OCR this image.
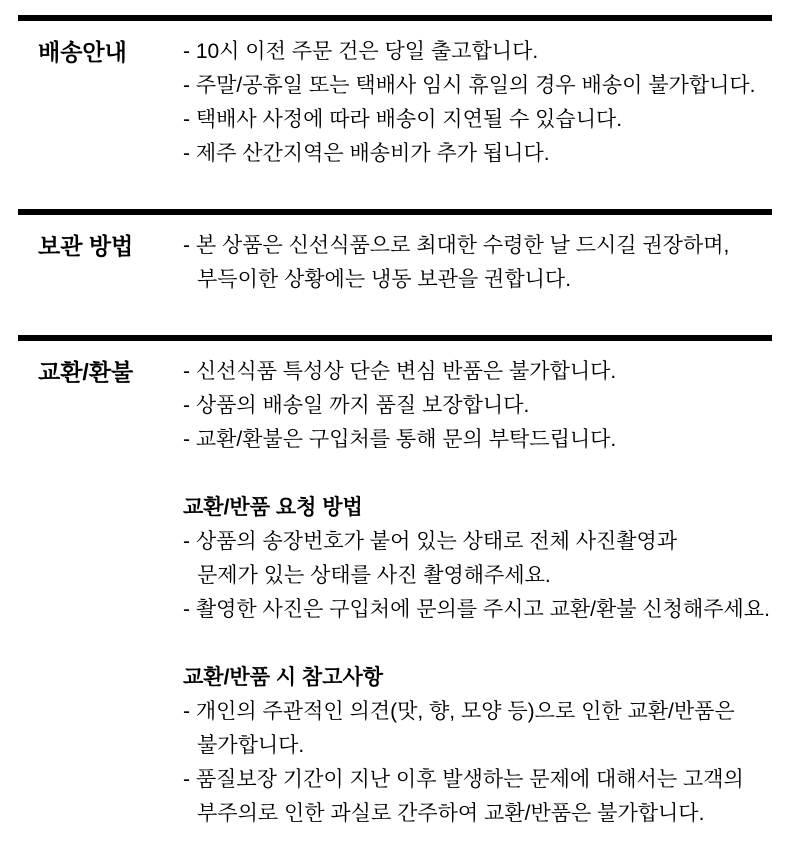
배송안내	- 10시 이전 주문 건은 당일 출고합니다.

- 주말/공휴일 또는 택배사 임시 휴일의 경우 배송이 불가합니다.

- 택배사 사정에 따라 배송이 지연될 수 있습니다.

- 제주 산간지역은 배송비가 추가 됩니다.

보관 방법	- 본 상품은 신선식품으로 최대한 수령한 날 드시길 권장하며,

부득이한 상황에는 냉동 보관을 권합니다.

교환/환불	- 신선식품 특성상 단순 변심 반품은 불가합니다.

- 상품의 배송일 까지 품질 보장합니다.

- 교환/환불은 구입처를 통해 문의 부탁드립니다.

교환/반품 요청 방법

- 상품의 송장번호가 붙어 있는 상태로 전체 사진촬영과

문제가 있는 상태를 사진 촬영해주세요.

- 촬영한 사진은 구입처에 문의를 주시고 교환/환불 신청해주세요.

교환/반품 시 참고사항

- 개인의 주관적인 의견(맛, 향, 모양 등)으로 인한 교환/반품은

불가합니다.

- 품질보장 기간이 지난 이후 발생하는 문제에 대해서는 고객의

부주의로 인한 과실로 간주하여 교환/반품은 불가합니다.
